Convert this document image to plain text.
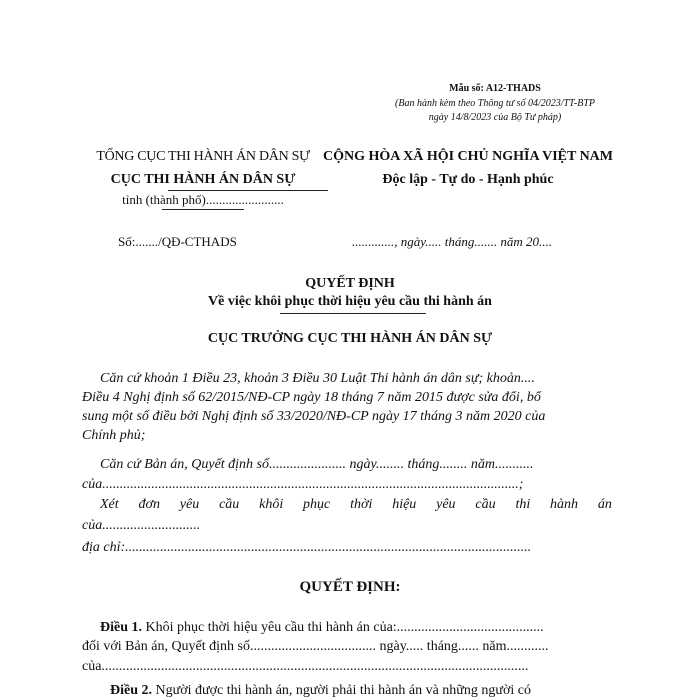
Mẫu số: A12-THADS
(Ban hành kèm theo Thông tư số 04/2023/TT-BTP
ngày 14/8/2023 của Bộ Tư pháp)
TỔNG CỤC THI HÀNH ÁN DÂN SỰ
CỤC THI HÀNH ÁN DÂN SỰ
tỉnh (thành phố)........................
CỘNG HÒA XÃ HỘI CHỦ NGHĨA VIỆT NAM
Độc lập - Tự do - Hạnh phúc
Số:......./QĐ-CTHADS	............., ngày..... tháng....... năm 20....
QUYẾT ĐỊNH
Về việc khôi phục thời hiệu yêu cầu thi hành án
CỤC TRƯỞNG CỤC THI HÀNH ÁN DÂN SỰ
Căn cứ khoản 1 Điều 23, khoản 3 Điều 30 Luật Thi hành án dân sự; khoản....
Điều 4 Nghị định số 62/2015/NĐ-CP ngày 18 tháng 7 năm 2015 được sửa đổi, bổ
sung một số điều bởi Nghị định số 33/2020/NĐ-CP ngày 17 tháng 3 năm 2020 của
Chính phủ;
Căn cứ Bản án, Quyết định số...................... ngày........ tháng........ năm...........
của.......................................................................................................................;
Xét đơn yêu cầu khôi phục thời hiệu yêu cầu thi hành án
của............................
địa chỉ:....................................................................................................................
QUYẾT ĐỊNH:
Điều 1. Khôi phục thời hiệu yêu cầu thi hành án của:..........................................
đối với Bản án, Quyết định số.................................... ngày..... tháng...... năm............
của..........................................................................................................................
Điều 2. Người được thi hành án, người phải thi hành án và những người có
